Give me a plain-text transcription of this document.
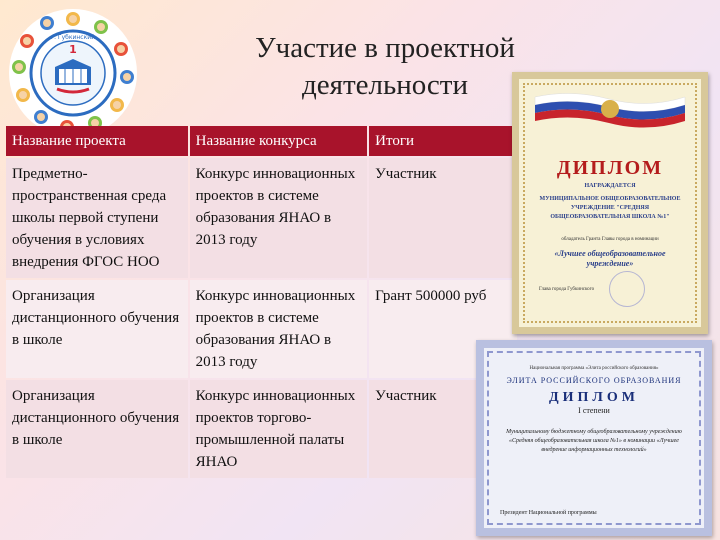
1
г. Губкинский	Участие в проектной
деятельности
Название проекта	Название конкурса	Итоги
Предметно-пространственная среда школы первой ступени обучения в условиях внедрения ФГОС НОО	Конкурс инновационных проектов в системе образования ЯНАО в 2013 году	Участник
Организация дистанционного обучения в школе	Конкурс инновационных проектов в системе образования ЯНАО в 2013 году	Грант 500000 руб
Организация дистанционного обучения в школе	Конкурс инновационных проектов торгово-промышленной палаты ЯНАО	Участник
ДИПЛОМ
НАГРАЖДАЕТСЯ
МУНИЦИПАЛЬНОЕ ОБЩЕОБРАЗОВАТЕЛЬНОЕ УЧРЕЖДЕНИЕ "СРЕДНЯЯ ОБЩЕОБРАЗОВАТЕЛЬНАЯ ШКОЛА №1"
обладатель Гранта Главы города в номинации
«Лучшее общеобразовательное учреждение»
Глава города Губкинского
Национальная программа «Элита российского образования»
ЭЛИТА РОССИЙСКОГО ОБРАЗОВАНИЯ
ДИПЛОМ
I степени
Муниципальному бюджетному общеобразовательному учреждению «Средняя общеобразовательная школа №1» в номинации «Лучшее внедрение информационных технологий»
Президент Национальной программы
